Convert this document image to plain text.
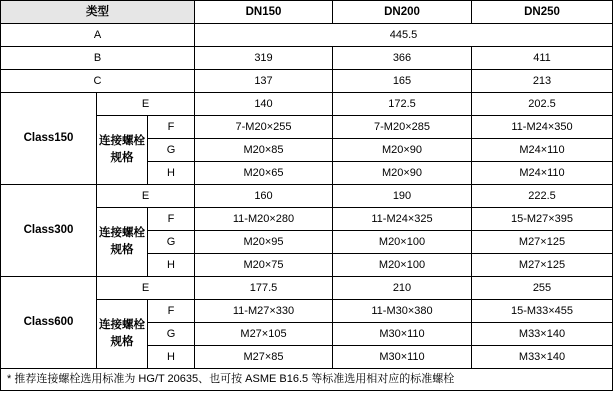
类型			DN150	DN200	DN250
A			445.5		
B			319	366	411
C			137	165	213
Class150	E		140	172.5	202.5
	连接螺栓规格	F	7-M20×255	7-M20×285	11-M24×350
		G	M20×85	M20×90	M24×110
		H	M20×65	M20×90	M24×110
Class300	E		160	190	222.5
	连接螺栓规格	F	11-M20×280	11-M24×325	15-M27×395
		G	M20×95	M20×100	M27×125
		H	M20×75	M20×100	M27×125
Class600	E		177.5	210	255
	连接螺栓规格	F	11-M27×330	11-M30×380	15-M33×455
		G	M27×105	M30×110	M33×140
		H	M27×85	M30×110	M33×140
* 推荐连接螺栓选用标准为 HG/T 20635、也可按 ASME B16.5 等标准选用相对应的标准螺栓					
